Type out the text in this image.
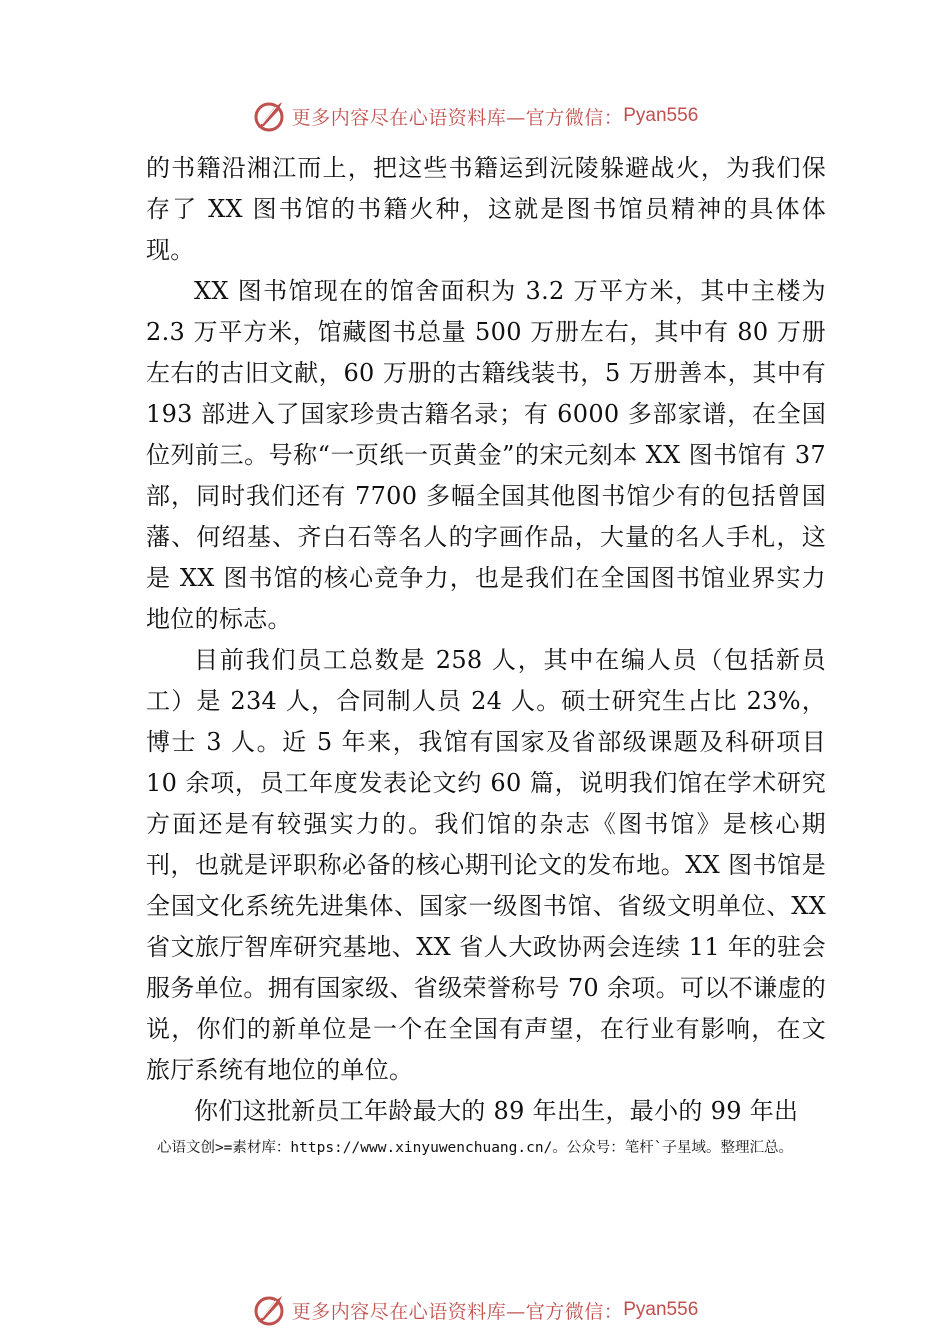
更多内容尽在心语资料库—官方微信： Pyan556

的书籍沿湘江而上，把这些书籍运到沅陵躲避战火，为我们保存了 XX 图书馆的书籍火种，这就是图书馆员精神的具体体现。

XX 图书馆现在的馆舍面积为 3.2 万平方米，其中主楼为 2.3 万平方米，馆藏图书总量 500 万册左右，其中有 80 万册左右的古旧文献，60 万册的古籍线装书，5 万册善本，其中有 193 部进入了国家珍贵古籍名录；有 6000 多部家谱，在全国位列前三。号称“一页纸一页黄金”的宋元刻本 XX 图书馆有 37 部，同时我们还有 7700 多幅全国其他图书馆少有的包括曾国藩、何绍基、齐白石等名人的字画作品，大量的名人手札，这是 XX 图书馆的核心竞争力，也是我们在全国图书馆业界实力地位的标志。

目前我们员工总数是 258 人，其中在编人员（包括新员工）是 234 人，合同制人员 24 人。硕士研究生占比 23%，博士 3 人。近 5 年来，我馆有国家及省部级课题及科研项目 10 余项，员工年度发表论文约 60 篇，说明我们馆在学术研究方面还是有较强实力的。我们馆的杂志《图书馆》是核心期刊，也就是评职称必备的核心期刊论文的发布地。XX 图书馆是全国文化系统先进集体、国家一级图书馆、省级文明单位、XX 省文旅厅智库研究基地、XX 省人大政协两会连续 11 年的驻会服务单位。拥有国家级、省级荣誉称号 70 余项。可以不谦虚的说，你们的新单位是一个在全国有声望，在行业有影响，在文旅厅系统有地位的单位。

你们这批新员工年龄最大的 89 年出生，最小的 99 年出

心语文创>=素材库：https://www.xinyuwenchuang.cn/。公众号：笔杆`子星域。整理汇总。
更多内容尽在心语资料库—官方微信： Pyan556
